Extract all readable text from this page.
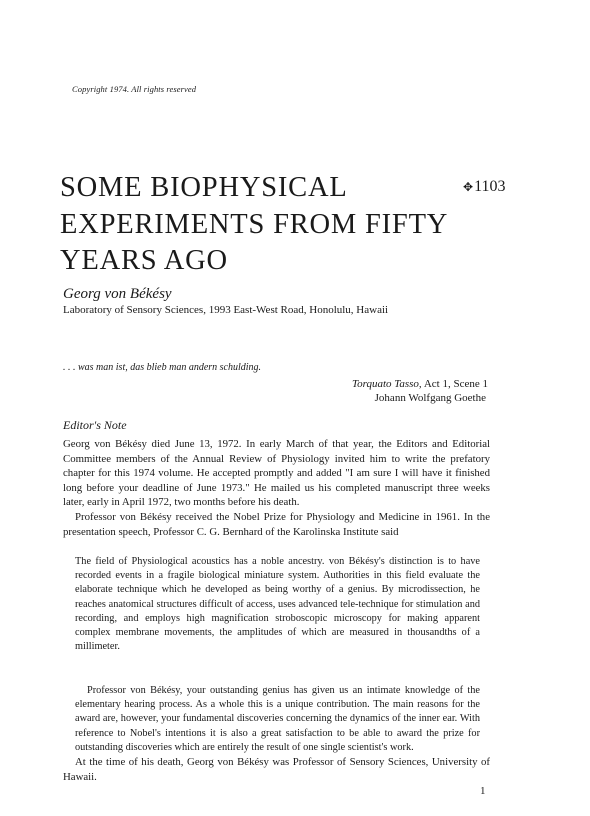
Copyright 1974. All rights reserved
SOME BIOPHYSICAL
EXPERIMENTS FROM FIFTY
YEARS AGO
✥1103
Georg von Békésy
Laboratory of Sensory Sciences, 1993 East-West Road, Honolulu, Hawaii
. . . was man ist, das blieb man andern schulding.
Torquato Tasso, Act 1, Scene 1
Johann Wolfgang Goethe
Editor's Note
Georg von Békésy died June 13, 1972. In early March of that year, the Editors and Editorial Committee members of the Annual Review of Physiology invited him to write the prefatory chapter for this 1974 volume. He accepted promptly and added "I am sure I will have it finished long before your deadline of June 1973." He mailed us his completed manuscript three weeks later, early in April 1972, two months before his death.
Professor von Békésy received the Nobel Prize for Physiology and Medicine in 1961. In the presentation speech, Professor C. G. Bernhard of the Karolinska Institute said
The field of Physiological acoustics has a noble ancestry. von Békésy's distinction is to have recorded events in a fragile biological miniature system. Authorities in this field evaluate the elaborate technique which he developed as being worthy of a genius. By microdissection, he reaches anatomical structures difficult of access, uses advanced tele-technique for stimulation and recording, and employs high magnification stroboscopic microscopy for making apparent complex membrane movements, the amplitudes of which are measured in thousandths of a millimeter.
Professor von Békésy, your outstanding genius has given us an intimate knowledge of the elementary hearing process. As a whole this is a unique contribution. The main reasons for the award are, however, your fundamental discoveries concerning the dynamics of the inner ear. With reference to Nobel's intentions it is also a great satisfaction to be able to award the prize for outstanding discoveries which are entirely the result of one single scientist's work.
At the time of his death, Georg von Békésy was Professor of Sensory Sciences, University of Hawaii.
1
